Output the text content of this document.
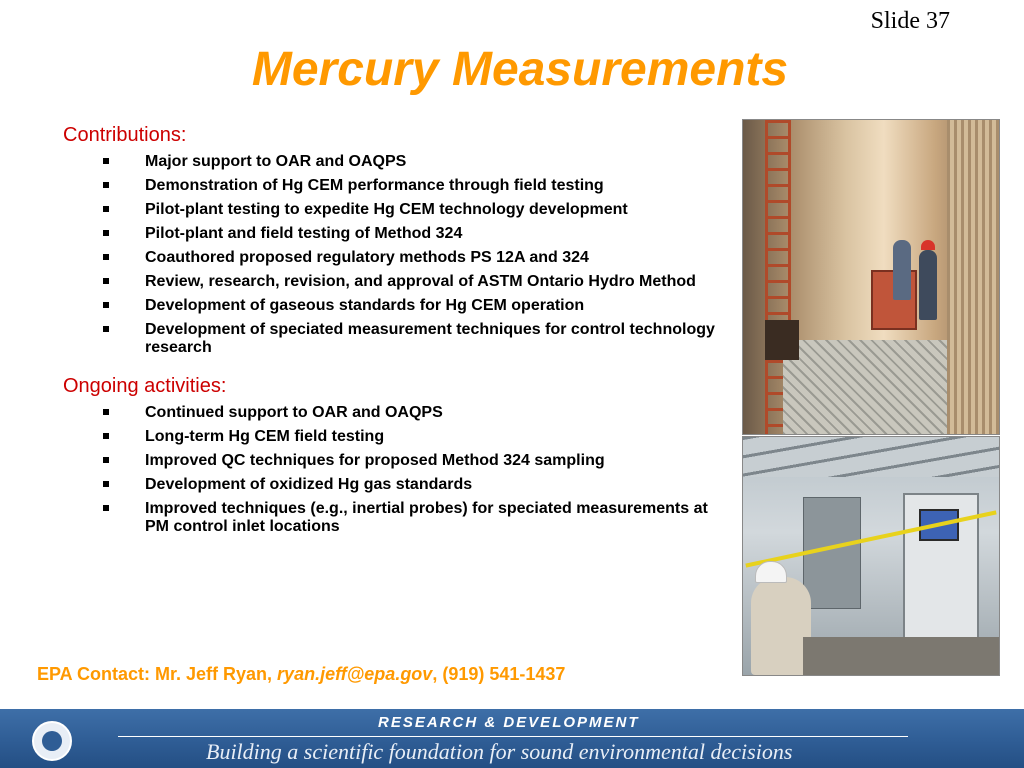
Slide 37
Mercury Measurements
Contributions:
Major support to OAR and OAQPS
Demonstration of Hg CEM performance through field testing
Pilot-plant testing to expedite Hg CEM technology development
Pilot-plant and field testing of Method 324
Coauthored proposed regulatory methods PS 12A and 324
Review, research, revision, and approval of ASTM Ontario Hydro Method
Development of gaseous standards for Hg CEM operation
Development of speciated measurement techniques for control technology research
Ongoing activities:
Continued support to OAR and OAQPS
Long-term Hg CEM field testing
Improved QC techniques for proposed Method 324 sampling
Development of oxidized Hg gas standards
Improved techniques (e.g., inertial probes) for speciated measurements at PM control inlet locations
EPA Contact: Mr. Jeff Ryan, ryan.jeff@epa.gov, (919) 541-1437
RESEARCH & DEVELOPMENT
Building a scientific foundation for sound environmental decisions
